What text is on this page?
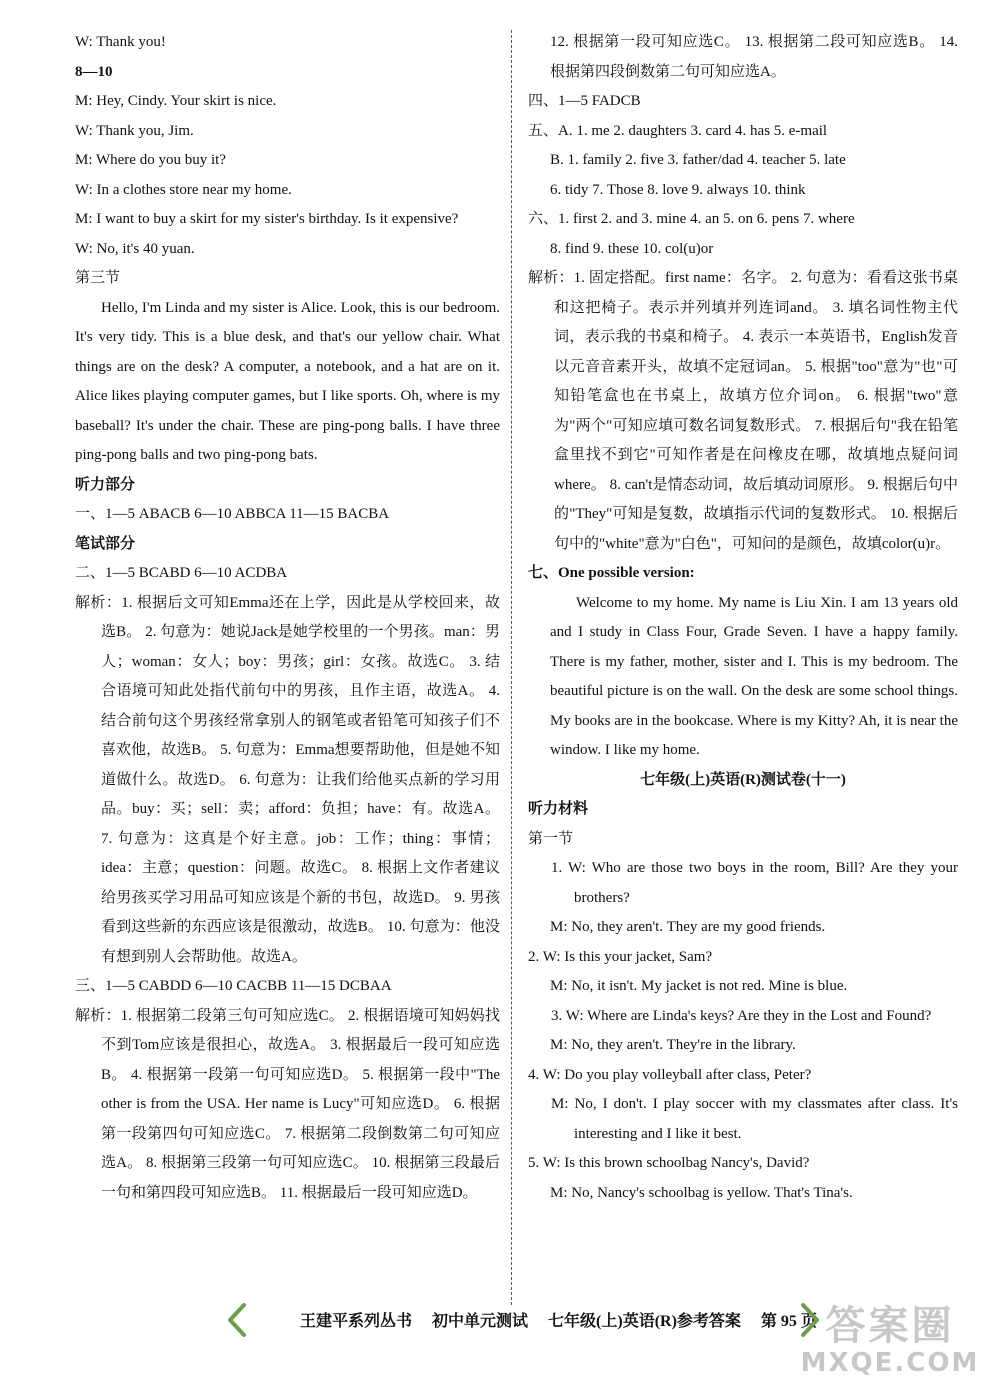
W: Thank you!
8—10
M: Hey, Cindy. Your skirt is nice.
W: Thank you, Jim.
M: Where do you buy it?
W: In a clothes store near my home.
M: I want to buy a skirt for my sister's birthday. Is it expensive?
W: No, it's 40 yuan.
第三节
Hello, I'm Linda and my sister is Alice. Look, this is our bedroom. It's very tidy. This is a blue desk, and that's our yellow chair. What things are on the desk? A computer, a notebook, and a hat are on it. Alice likes playing computer games, but I like sports. Oh, where is my baseball? It's under the chair. These are ping-pong balls. I have three ping-pong balls and two ping-pong bats.
听力部分
一、1—5 ABACB 6—10 ABBCA 11—15 BACBA
笔试部分
二、1—5 BCABD 6—10 ACDBA
解析：1. 根据后文可知Emma还在上学，因此是从学校回来，故选B。 2. 句意为：她说Jack是她学校里的一个男孩。man：男人；woman：女人；boy：男孩；girl：女孩。故选C。 3. 结合语境可知此处指代前句中的男孩，且作主语，故选A。 4. 结合前句这个男孩经常拿别人的钢笔或者铅笔可知孩子们不喜欢他，故选B。 5. 句意为：Emma想要帮助他，但是她不知道做什么。故选D。 6. 句意为：让我们给他买点新的学习用品。buy：买；sell：卖；afford：负担；have：有。故选A。 7. 句意为：这真是个好主意。job：工作；thing：事情；idea：主意；question：问题。故选C。 8. 根据上文作者建议给男孩买学习用品可知应该是个新的书包，故选D。 9. 男孩看到这些新的东西应该是很激动，故选B。 10. 句意为：他没有想到别人会帮助他。故选A。
三、1—5 CABDD 6—10 CACBB 11—15 DCBAA
解析：1. 根据第二段第三句可知应选C。 2. 根据语境可知妈妈找不到Tom应该是很担心，故选A。 3. 根据最后一段可知应选B。 4. 根据第一段第一句可知应选D。 5. 根据第一段中"The other is from the USA. Her name is Lucy"可知应选D。 6. 根据第一段第四句可知应选C。 7. 根据第二段倒数第二句可知应选A。 8. 根据第三段第一句可知应选C。 10. 根据第三段最后一句和第四段可知应选B。 11. 根据最后一段可知应选D。
12. 根据第一段可知应选C。 13. 根据第二段可知应选B。 14. 根据第四段倒数第二句可知应选A。
四、1—5 FADCB
五、A. 1. me 2. daughters 3. card 4. has 5. e-mail
B. 1. family 2. five 3. father/dad 4. teacher 5. late
6. tidy 7. Those 8. love 9. always 10. think
六、1. first 2. and 3. mine 4. an 5. on 6. pens 7. where
8. find 9. these 10. col(u)or
解析：1. 固定搭配。first name：名字。 2. 句意为：看看这张书桌和这把椅子。表示并列填并列连词and。 3. 填名词性物主代词，表示我的书桌和椅子。 4. 表示一本英语书，English发音以元音音素开头，故填不定冠词an。 5. 根据"too"意为"也"可知铅笔盒也在书桌上，故填方位介词on。 6. 根据"two"意为"两个"可知应填可数名词复数形式。 7. 根据后句"我在铅笔盒里找不到它"可知作者是在问橡皮在哪，故填地点疑问词where。 8. can't是情态动词，故后填动词原形。 9. 根据后句中的"They"可知是复数，故填指示代词的复数形式。 10. 根据后句中的"white"意为"白色"，可知问的是颜色，故填color(u)r。
七、One possible version:
Welcome to my home. My name is Liu Xin. I am 13 years old and I study in Class Four, Grade Seven. I have a happy family. There is my father, mother, sister and I. This is my bedroom. The beautiful picture is on the wall. On the desk are some school things. My books are in the bookcase. Where is my Kitty? Ah, it is near the window. I like my home.
七年级(上)英语(R)测试卷(十一)
听力材料
第一节
1. W: Who are those two boys in the room, Bill? Are they your brothers?
M: No, they aren't. They are my good friends.
2. W: Is this your jacket, Sam?
M: No, it isn't. My jacket is not red. Mine is blue.
3. W: Where are Linda's keys? Are they in the Lost and Found?
M: No, they aren't. They're in the library.
4. W: Do you play volleyball after class, Peter?
M: No, I don't. I play soccer with my classmates after class. It's interesting and I like it best.
5. W: Is this brown schoolbag Nancy's, David?
M: No, Nancy's schoolbag is yellow. That's Tina's.
王建平系列丛书 初中单元测试 七年级(上)英语(R)参考答案 第 95 页 答案圈
MXQE.COM
